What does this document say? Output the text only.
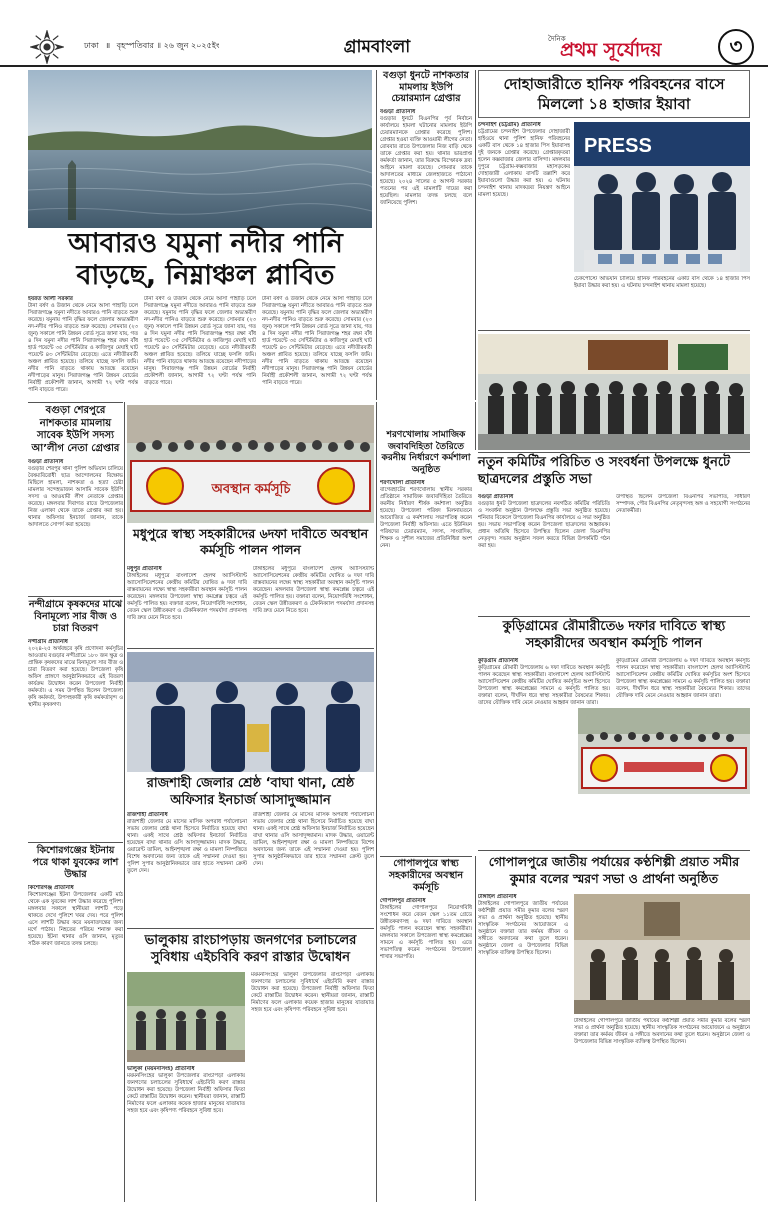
ঢাকা ॥ বৃহস্পতিবার ॥ ২৬ জুন ২০২৫ইং	গ্রামবাংলা	দৈনিক
প্রথম সূর্যোদয়	৩
আবারও যমুনা নদীর পানি বাড়ছে, নিম্নাঞ্চল প্লাবিত
হযরত আলী সরকার
টানা বর্ষণ ও উজান থেকে নেমে আসা পাহাড়ি ঢলে সিরাজগঞ্জে যমুনা নদীতে আবারও পানি বাড়তে শুরু করেছে। যমুনায় পানি বৃদ্ধির ফলে জেলার অভ্যন্তরীণ নদ-নদীর পানিও বাড়তে শুরু করেছে। সোমবার (২৩ জুন) সকালে পানি উন্নয়ন বোর্ড সূত্রে জানা যায়, গত ৪ দিন যমুনা নদীর পানি সিরাজগঞ্জ শহর রক্ষা বাঁধ হার্ড পয়েন্টে ৩৫ সেন্টিমিটার ও কাজিপুর মেঘাই ঘাট পয়েন্টে ৪৩ সেন্টিমিটার বেড়েছে। এতে নদীতীরবর্তী অঞ্চল প্লাবিত হয়েছে। তলিয়ে যাচ্ছে ফসলি জমি। নদীর পানি বাড়তে থাকায় আতঙ্কে রয়েছেন নদীপাড়ের মানুষ। সিরাজগঞ্জ পানি উন্নয়ন বোর্ডের নির্বাহী প্রকৌশলী জানান, আগামী ৭২ ঘণ্টা পর্যন্ত পানি বাড়তে পারে।
টানা বর্ষণ ও উজান থেকে নেমে আসা পাহাড়ি ঢলে সিরাজগঞ্জে যমুনা নদীতে আবারও পানি বাড়তে শুরু করেছে। যমুনায় পানি বৃদ্ধির ফলে জেলার অভ্যন্তরীণ নদ-নদীর পানিও বাড়তে শুরু করেছে। সোমবার (২৩ জুন) সকালে পানি উন্নয়ন বোর্ড সূত্রে জানা যায়, গত ৪ দিন যমুনা নদীর পানি সিরাজগঞ্জ শহর রক্ষা বাঁধ হার্ড পয়েন্টে ৩৫ সেন্টিমিটার ও কাজিপুর মেঘাই ঘাট পয়েন্টে ৪৩ সেন্টিমিটার বেড়েছে। এতে নদীতীরবর্তী অঞ্চল প্লাবিত হয়েছে। তলিয়ে যাচ্ছে ফসলি জমি। নদীর পানি বাড়তে থাকায় আতঙ্কে রয়েছেন নদীপাড়ের মানুষ। সিরাজগঞ্জ পানি উন্নয়ন বোর্ডের নির্বাহী প্রকৌশলী জানান, আগামী ৭২ ঘণ্টা পর্যন্ত পানি বাড়তে পারে।
টানা বর্ষণ ও উজান থেকে নেমে আসা পাহাড়ি ঢলে সিরাজগঞ্জে যমুনা নদীতে আবারও পানি বাড়তে শুরু করেছে। যমুনায় পানি বৃদ্ধির ফলে জেলার অভ্যন্তরীণ নদ-নদীর পানিও বাড়তে শুরু করেছে। সোমবার (২৩ জুন) সকালে পানি উন্নয়ন বোর্ড সূত্রে জানা যায়, গত ৪ দিন যমুনা নদীর পানি সিরাজগঞ্জ শহর রক্ষা বাঁধ হার্ড পয়েন্টে ৩৫ সেন্টিমিটার ও কাজিপুর মেঘাই ঘাট পয়েন্টে ৪৩ সেন্টিমিটার বেড়েছে। এতে নদীতীরবর্তী অঞ্চল প্লাবিত হয়েছে। তলিয়ে যাচ্ছে ফসলি জমি। নদীর পানি বাড়তে থাকায় আতঙ্কে রয়েছেন নদীপাড়ের মানুষ। সিরাজগঞ্জ পানি উন্নয়ন বোর্ডের নির্বাহী প্রকৌশলী জানান, আগামী ৭২ ঘণ্টা পর্যন্ত পানি বাড়তে পারে।
বগুড়া ধুনটে নাশকতার মামলায় ইউপি চেয়ারম্যান গ্রেপ্তার
বগুড়া প্রতিনিধি
বগুড়ার ধুনটে বিএনপির পূর্ব নির্বাচন কার্যালয়ে হামলা ঘটানোর মামলায় ইউপি চেয়ারম্যানকে গ্রেপ্তার করেছে পুলিশ। গ্রেপ্তার হওয়া ব্যক্তি আওয়ামী লীগের নেতা। রোববার রাতে উপজেলার নিজ বাড়ি থেকে তাকে গ্রেপ্তার করা হয়। থানার ভারপ্রাপ্ত কর্মকর্তা জানান, তার বিরুদ্ধে বিস্ফোরক দ্রব্য আইনে মামলা রয়েছে। সোমবার তাকে আদালতের মাধ্যমে জেলহাজতে পাঠানো হয়েছে। ২০২৪ সালের ৫ আগস্ট সরকার পতনের পর এই মামলাটি দায়ের করা হয়েছিল। মামলার তদন্ত চলছে বলে জানিয়েছে পুলিশ।
দোহাজারীতে হানিফ পরিবহনের বাসে মিললো ১৪ হাজার ইয়াবা
চন্দনাইশ (চট্টগ্রাম) প্রতিনিধি
চট্টগ্রামের চন্দনাইশ উপজেলার দোহাজারী হাইওয়ে থানা পুলিশ হানিফ পরিবহনের একটি বাস থেকে ১৪ হাজার পিস ইয়াবাসহ দুই জনকে গ্রেপ্তার করেছে। গ্রেপ্তারকৃতরা হলেন কক্সবাজার জেলার বাসিন্দা। মঙ্গলবার দুপুরে চট্টগ্রাম-কক্সবাজার মহাসড়কের দোহাজারী এলাকায় বাসটি তল্লাশি করে ইয়াবাগুলো উদ্ধার করা হয়। এ ঘটনায় চন্দনাইশ থানায় মাদকদ্রব্য নিয়ন্ত্রণ আইনে মামলা হয়েছে।
PRESS
চেকপোস্টে অভিযান চালিয়ে হানিফ পরিবহনের একটি বাস থেকে ১৪ হাজার পিস ইয়াবা উদ্ধার করা হয়। এ ঘটনায় চন্দনাইশ থানায় মামলা হয়েছে।
বগুড়া শেরপুরে নাশকতার মামলায় সাবেক ইউপি সদস্য আ’লীগ নেতা গ্রেপ্তার
বগুড়া প্রতিনিধি
বগুড়ার শেরপুর থানা পুলিশ অভিযান চালিয়ে বৈষম্যবিরোধী ছাত্র আন্দোলনের বিক্ষোভ মিছিলে হামলা, নাশকতা ও হত্যা চেষ্টা মামলার সন্দেহভাজন আসামি সাবেক ইউপি সদস্য ও আওয়ামী লীগ নেতাকে গ্রেপ্তার করেছে। মঙ্গলবার দিবাগত রাতে উপজেলার নিজ এলাকা থেকে তাকে গ্রেপ্তার করা হয়। থানার অফিসার ইনচার্জ জানান, তাকে আদালতে সোপর্দ করা হয়েছে।
অবস্থান কর্মসূচি
মধুপুরে স্বাস্থ্য সহকারীদের ৬দফা দাবীতে অবস্থান কর্মসূচি পালন পালন
মধুপুর প্রতিনিধি
টাঙ্গাইলের মধুপুরে বাংলাদেশ হেলথ অ্যাসিস্ট্যান্ট অ্যাসোসিয়েশনের কেন্দ্রীয় কমিটির ঘোষিত ৬ দফা দাবি বাস্তবায়নের লক্ষ্যে স্বাস্থ্য সহকারীরা অবস্থান কর্মসূচি পালন করেছেন। মঙ্গলবার উপজেলা স্বাস্থ্য কমপ্লেক্স চত্বরে এই কর্মসূচি পালিত হয়। বক্তারা বলেন, নিয়োগবিধি সংশোধন, বেতন স্কেল উন্নীতকরণ ও টেকনিক্যাল পদমর্যাদা প্রদানসহ দাবি দ্রুত মেনে নিতে হবে।
টাঙ্গাইলের মধুপুরে বাংলাদেশ হেলথ অ্যাসিস্ট্যান্ট অ্যাসোসিয়েশনের কেন্দ্রীয় কমিটির ঘোষিত ৬ দফা দাবি বাস্তবায়নের লক্ষ্যে স্বাস্থ্য সহকারীরা অবস্থান কর্মসূচি পালন করেছেন। মঙ্গলবার উপজেলা স্বাস্থ্য কমপ্লেক্স চত্বরে এই কর্মসূচি পালিত হয়। বক্তারা বলেন, নিয়োগবিধি সংশোধন, বেতন স্কেল উন্নীতকরণ ও টেকনিক্যাল পদমর্যাদা প্রদানসহ দাবি দ্রুত মেনে নিতে হবে।
শরণখোলায় সামাজিক জবাবদিহিতা তৈরিতে করনীয় নির্ধারণে কর্মশালা অনুষ্ঠিত
শরণখোলা প্রতিনিধি
বাগেরহাটের শরণখোলায় স্থানীয় সরকার প্রতিষ্ঠানে সামাজিক জবাবদিহিতা তৈরিতে করনীয় নির্ধারণ শীর্ষক কর্মশালা অনুষ্ঠিত হয়েছে। উপজেলা পরিষদ মিলনায়তনে আয়োজিত এ কর্মশালায় সভাপতিত্ব করেন উপজেলা নির্বাহী অফিসার। এতে ইউনিয়ন পরিষদের চেয়ারম্যান, সদস্য, সাংবাদিক, শিক্ষক ও সুশীল সমাজের প্রতিনিধিরা অংশ নেন।
নতুন কমিটির পরিচিত ও সংবর্ধনা উপলক্ষে ধুনটে ছাত্রদলের প্রস্তুতি সভা
বগুড়া প্রতিনিধি
বগুড়ার ধুনট উপজেলা ছাত্রদলের নবগঠিত কমিটির পরিচিতি ও সংবর্ধনা অনুষ্ঠান উপলক্ষে প্রস্তুতি সভা অনুষ্ঠিত হয়েছে। শনিবার বিকেলে উপজেলা বিএনপির কার্যালয়ে এ সভা অনুষ্ঠিত হয়। সভায় সভাপতিত্ব করেন উপজেলা ছাত্রদলের আহ্বায়ক। প্রধান অতিথি হিসেবে উপস্থিত ছিলেন জেলা বিএনপির নেতৃবৃন্দ। সভায় অনুষ্ঠান সফল করতে বিভিন্ন উপকমিটি গঠন করা হয়।
উপস্থিত ছিলেন উপজেলা বিএনপির সভাপতি, সাধারণ সম্পাদক, পৌর বিএনপির নেতৃবৃন্দসহ অঙ্গ ও সহযোগী সংগঠনের নেতাকর্মীরা।
নন্দীগ্রামে কৃষকদের মাঝে বিনামূল্যে সার বীজ ও চারা বিতরণ
নন্দীগ্রাম প্রতিনিধি
২০২৪-২৫ অর্থবছরে কৃষি প্রণোদনা কর্মসূচির আওতায় বগুড়ার নন্দীগ্রামে ১৮০ জন ক্ষুদ্র ও প্রান্তিক কৃষকদের মাঝে বিনামূল্যে সার বীজ ও চারা বিতরণ করা হয়েছে। উপজেলা কৃষি অফিস প্রাঙ্গণে আনুষ্ঠানিকভাবে এই বিতরণ কার্যক্রম উদ্বোধন করেন উপজেলা নির্বাহী কর্মকর্তা। এ সময় উপস্থিত ছিলেন উপজেলা কৃষি কর্মকর্তা, উপসহকারী কৃষি কর্মকর্তাবৃন্দ ও স্থানীয় কৃষকগণ।
রাজশাহী জেলার শ্রেষ্ঠ ‘বাঘা থানা, শ্রেষ্ঠ অফিসার ইনচার্জ আসাদুজ্জামান
রাজশাহী প্রতিনিধি
রাজশাহী জেলার মে মাসের মাসিক অপরাধ পর্যালোচনা সভায় জেলার শ্রেষ্ঠ থানা হিসেবে নির্বাচিত হয়েছে বাঘা থানা। একই সাথে শ্রেষ্ঠ অফিসার ইনচার্জ নির্বাচিত হয়েছেন বাঘা থানার ওসি আসাদুজ্জামান। মাদক উদ্ধার, ওয়ারেন্ট তামিল, আইনশৃঙ্খলা রক্ষা ও মামলা নিষ্পত্তিতে বিশেষ অবদানের জন্য তাকে এই সম্মাননা দেওয়া হয়। পুলিশ সুপার আনুষ্ঠানিকভাবে তার হাতে সম্মাননা ক্রেস্ট তুলে দেন।
রাজশাহী জেলার মে মাসের মাসিক অপরাধ পর্যালোচনা সভায় জেলার শ্রেষ্ঠ থানা হিসেবে নির্বাচিত হয়েছে বাঘা থানা। একই সাথে শ্রেষ্ঠ অফিসার ইনচার্জ নির্বাচিত হয়েছেন বাঘা থানার ওসি আসাদুজ্জামান। মাদক উদ্ধার, ওয়ারেন্ট তামিল, আইনশৃঙ্খলা রক্ষা ও মামলা নিষ্পত্তিতে বিশেষ অবদানের জন্য তাকে এই সম্মাননা দেওয়া হয়। পুলিশ সুপার আনুষ্ঠানিকভাবে তার হাতে সম্মাননা ক্রেস্ট তুলে দেন।
কুড়িগ্রামের রৌমারীতে৬ দফার দাবিতে স্বাস্থ্য সহকারীদের অবস্থান কর্মসূচি পালন
কুড়িগ্রাম প্রতিনিধি
কুড়িগ্রামের রৌমারী উপজেলায় ৬ দফা দাবিতে অবস্থান কর্মসূচি পালন করেছেন স্বাস্থ্য সহকারীরা। বাংলাদেশ হেলথ অ্যাসিস্ট্যান্ট অ্যাসোসিয়েশন কেন্দ্রীয় কমিটির ঘোষিত কর্মসূচির অংশ হিসেবে উপজেলা স্বাস্থ্য কমপ্লেক্সের সামনে এ কর্মসূচি পালিত হয়। বক্তারা বলেন, দীর্ঘদিন ধরে স্বাস্থ্য সহকারীরা বৈষম্যের শিকার। তাদের যৌক্তিক দাবি মেনে নেওয়ার আহ্বান জানান তারা।
কুড়িগ্রামের রৌমারী উপজেলায় ৬ দফা দাবিতে অবস্থান কর্মসূচি পালন করেছেন স্বাস্থ্য সহকারীরা। বাংলাদেশ হেলথ অ্যাসিস্ট্যান্ট অ্যাসোসিয়েশন কেন্দ্রীয় কমিটির ঘোষিত কর্মসূচির অংশ হিসেবে উপজেলা স্বাস্থ্য কমপ্লেক্সের সামনে এ কর্মসূচি পালিত হয়। বক্তারা বলেন, দীর্ঘদিন ধরে স্বাস্থ্য সহকারীরা বৈষম্যের শিকার। তাদের যৌক্তিক দাবি মেনে নেওয়ার আহ্বান জানান তারা।
কিশোরগঞ্জের ইটনায় পরে থাকা যুবকের লাশ উদ্ধার
কিশোরগঞ্জ প্রতিনিধি
কিশোরগঞ্জের ইটনা উপজেলার একটি মাঠ থেকে এক যুবকের লাশ উদ্ধার করেছে পুলিশ। মঙ্গলবার সকালে স্থানীয়রা লাশটি পড়ে থাকতে দেখে পুলিশে খবর দেয়। পরে পুলিশ এসে লাশটি উদ্ধার করে ময়নাতদন্তের জন্য মর্গে পাঠায়। নিহতের পরিচয় শনাক্ত করা হয়েছে। ইটনা থানার ওসি জানান, মৃত্যুর সঠিক কারণ জানতে তদন্ত চলছে।
গোপালপুরে স্বাস্থ্য সহকারীদের অবস্থান কর্মসূচি
গোপালপুর প্রতিনিধি
টাঙ্গাইলের গোপালপুরে নিয়োগবিধি সংশোধন করে বেতন স্কেল ১১তম গ্রেডে উন্নীতকরণসহ ৬ দফা দাবিতে অবস্থান কর্মসূচি পালন করেছেন স্বাস্থ্য সহকারীরা। মঙ্গলবার সকালে উপজেলা স্বাস্থ্য কমপ্লেক্সের সামনে এ কর্মসূচি পালিত হয়। এতে সভাপতিত্ব করেন সংগঠনের উপজেলা শাখার সভাপতি।
গোপালপুরে জাতীয় পর্যায়ের কণ্ঠশিল্পী প্রয়াত সমীর কুমার বলের স্মরণ সভা ও প্রার্থনা অনুষ্ঠিত
টাঙ্গাইল প্রতিনিধি
টাঙ্গাইলের গোপালপুরে জাতীয় পর্যায়ের কণ্ঠশিল্পী প্রয়াত সমীর কুমার বলের স্মরণ সভা ও প্রার্থনা অনুষ্ঠিত হয়েছে। স্থানীয় সাংস্কৃতিক সংগঠনের আয়োজনে এ অনুষ্ঠানে বক্তারা তার কর্মময় জীবন ও সঙ্গীতে অবদানের কথা তুলে ধরেন। অনুষ্ঠানে জেলা ও উপজেলার বিভিন্ন সাংস্কৃতিক ব্যক্তিত্ব উপস্থিত ছিলেন।
টাঙ্গাইলের গোপালপুরে জাতীয় পর্যায়ের কণ্ঠশিল্পী প্রয়াত সমীর কুমার বলের স্মরণ সভা ও প্রার্থনা অনুষ্ঠিত হয়েছে। স্থানীয় সাংস্কৃতিক সংগঠনের আয়োজনে এ অনুষ্ঠানে বক্তারা তার কর্মময় জীবন ও সঙ্গীতে অবদানের কথা তুলে ধরেন। অনুষ্ঠানে জেলা ও উপজেলার বিভিন্ন সাংস্কৃতিক ব্যক্তিত্ব উপস্থিত ছিলেন।
ভালুকায় রাংচাপড়ায় জনগণের চলাচলের সুবিধায় এইচবিবি করণ রাস্তার উদ্বোধন
ভালুকা (ময়মনসিংহ) প্রতিনিধি
ময়মনসিংহের ভালুকা উপজেলার রাংচাপড়া এলাকায় জনগণের চলাচলের সুবিধার্থে এইচবিবি করণ রাস্তার উদ্বোধন করা হয়েছে। উপজেলা নির্বাহী অফিসার ফিতা কেটে রাস্তাটির উদ্বোধন করেন। স্থানীয়রা জানান, রাস্তাটি নির্মাণের ফলে এলাকার কয়েক হাজার মানুষের যাতায়াত সহজ হবে এবং কৃষিপণ্য পরিবহনে সুবিধা হবে।
ময়মনসিংহের ভালুকা উপজেলার রাংচাপড়া এলাকায় জনগণের চলাচলের সুবিধার্থে এইচবিবি করণ রাস্তার উদ্বোধন করা হয়েছে। উপজেলা নির্বাহী অফিসার ফিতা কেটে রাস্তাটির উদ্বোধন করেন। স্থানীয়রা জানান, রাস্তাটি নির্মাণের ফলে এলাকার কয়েক হাজার মানুষের যাতায়াত সহজ হবে এবং কৃষিপণ্য পরিবহনে সুবিধা হবে।
